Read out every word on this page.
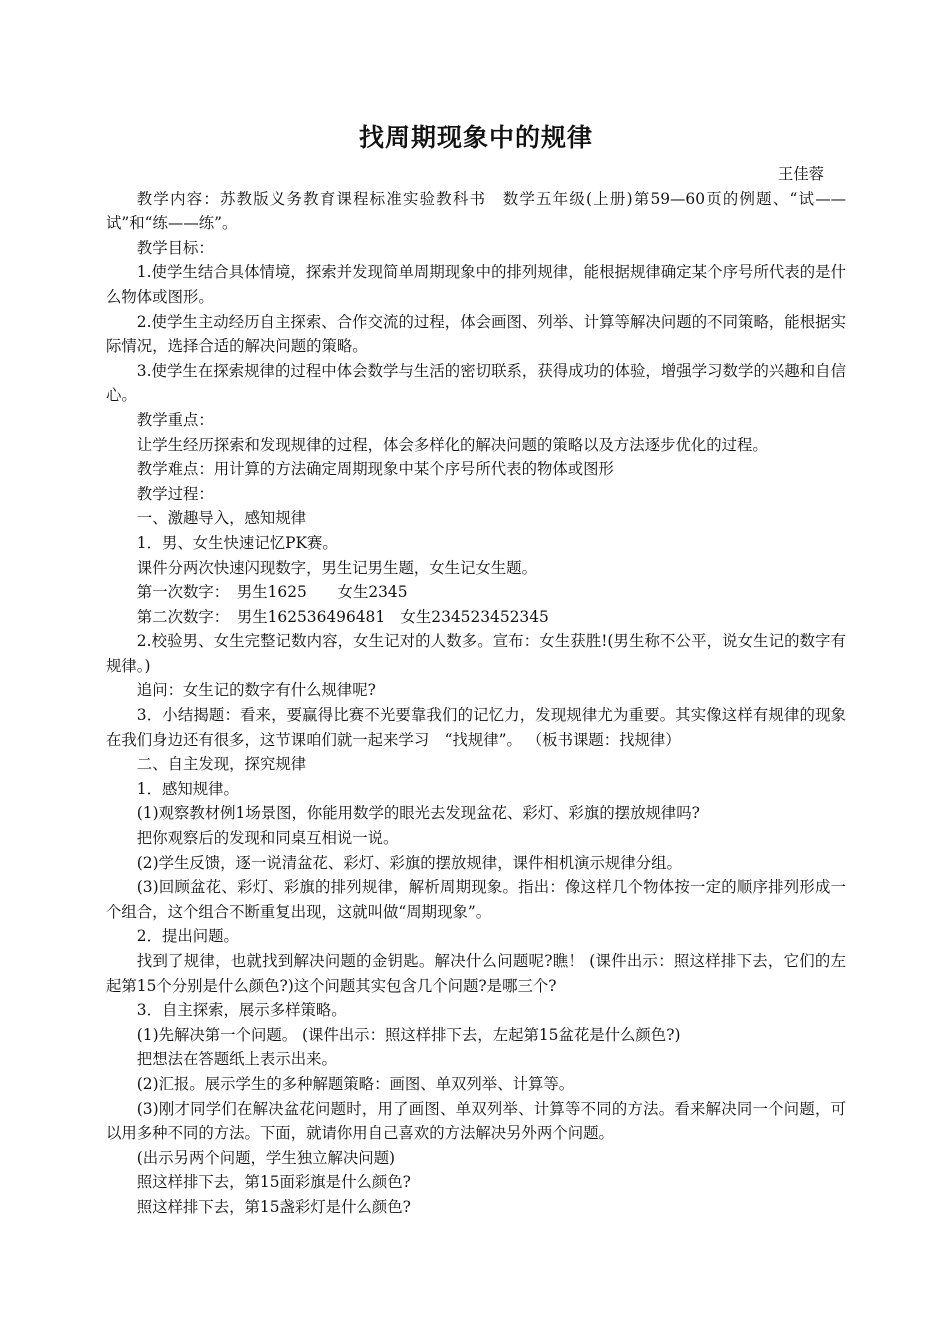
找周期现象中的规律

王佳蓉

教学内容：苏教版义务教育课程标准实验教科书　数学五年级(上册)第59—60页的例题、“试——试”和“练——练”。

教学目标：

1.使学生结合具体情境，探索并发现简单周期现象中的排列规律，能根据规律确定某个序号所代表的是什么物体或图形。

2.使学生主动经历自主探索、合作交流的过程，体会画图、列举、计算等解决问题的不同策略，能根据实际情况，选择合适的解决问题的策略。

3.使学生在探索规律的过程中体会数学与生活的密切联系，获得成功的体验，增强学习数学的兴趣和自信心。

教学重点：

让学生经历探索和发现规律的过程，体会多样化的解决问题的策略以及方法逐步优化的过程。

教学难点：用计算的方法确定周期现象中某个序号所代表的物体或图形

教学过程：

一、激趣导入，感知规律

1．男、女生快速记忆PK赛。

课件分两次快速闪现数字，男生记男生题，女生记女生题。

第一次数字：　男生1625　　女生2345

第二次数字：　男生162536496481　女生234523452345

2.校验男、女生完整记数内容，女生记对的人数多。宣布：女生获胜!(男生称不公平，说女生记的数字有规律。)

追问：女生记的数字有什么规律呢?

3．小结揭题：看来，要赢得比赛不光要靠我们的记忆力，发现规律尤为重要。其实像这样有规律的现象在我们身边还有很多，这节课咱们就一起来学习　“找规律”。 （板书课题：找规律）

二、自主发现，探究规律

1．感知规律。

(1)观察教材例1场景图，你能用数学的眼光去发现盆花、彩灯、彩旗的摆放规律吗?

把你观察后的发现和同桌互相说一说。

(2)学生反馈，逐一说清盆花、彩灯、彩旗的摆放规律，课件相机演示规律分组。

(3)回顾盆花、彩灯、彩旗的排列规律，解析周期现象。指出：像这样几个物体按一定的顺序排列形成一个组合，这个组合不断重复出现，这就叫做“周期现象”。

2．提出问题。

找到了规律，也就找到解决问题的金钥匙。解决什么问题呢?瞧！ (课件出示：照这样排下去，它们的左起第15个分别是什么颜色?)这个问题其实包含几个问题?是哪三个?

3．自主探索，展示多样策略。

(1)先解决第一个问题。 (课件出示：照这样排下去，左起第15盆花是什么颜色?)

把想法在答题纸上表示出来。

(2)汇报。展示学生的多种解题策略：画图、单双列举、计算等。

(3)刚才同学们在解决盆花问题时，用了画图、单双列举、计算等不同的方法。看来解决同一个问题，可以用多种不同的方法。下面，就请你用自己喜欢的方法解决另外两个问题。

(出示另两个问题，学生独立解决问题)

照这样排下去，第15面彩旗是什么颜色?

照这样排下去，第15盏彩灯是什么颜色?
